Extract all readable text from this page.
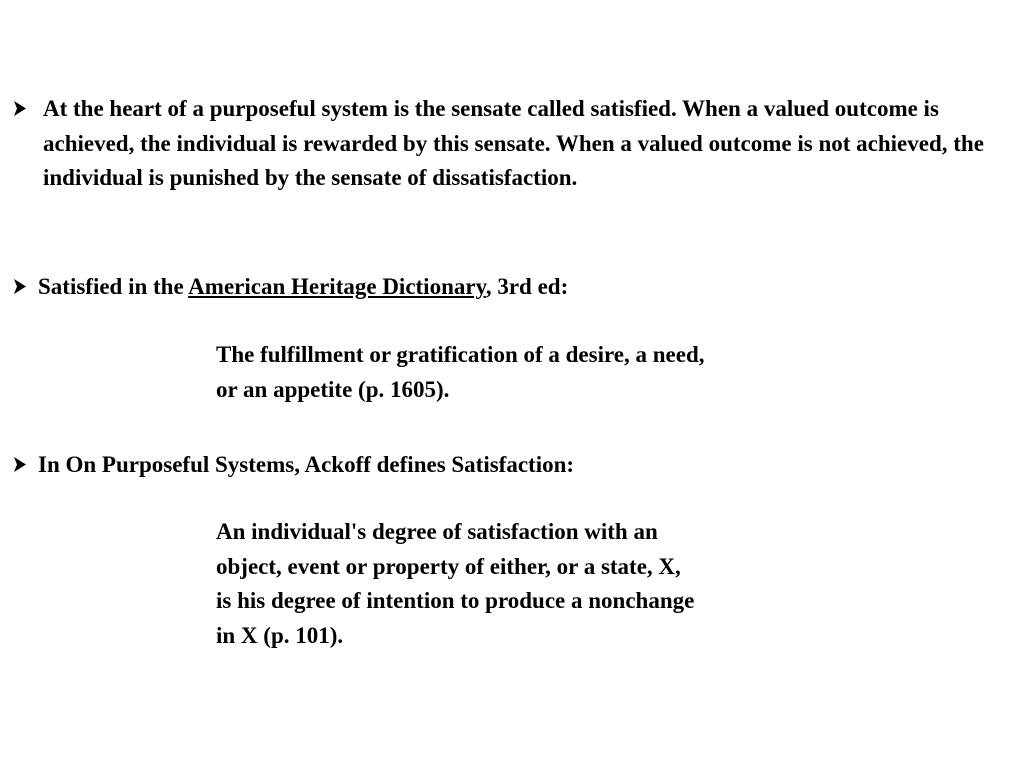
At the heart of a purposeful system is the sensate called satisfied. When a valued outcome is achieved, the individual is rewarded by this sensate. When a valued outcome is not achieved, the individual is punished by the sensate of dissatisfaction.
Satisfied in the American Heritage Dictionary, 3rd ed:
The fulfillment or gratification of a desire, a need,
or an appetite (p. 1605).
In On Purposeful Systems, Ackoff defines Satisfaction:
An individual's degree of satisfaction with an
object, event or property of either, or a state, X,
is his degree of intention to produce a nonchange
in X (p. 101).
